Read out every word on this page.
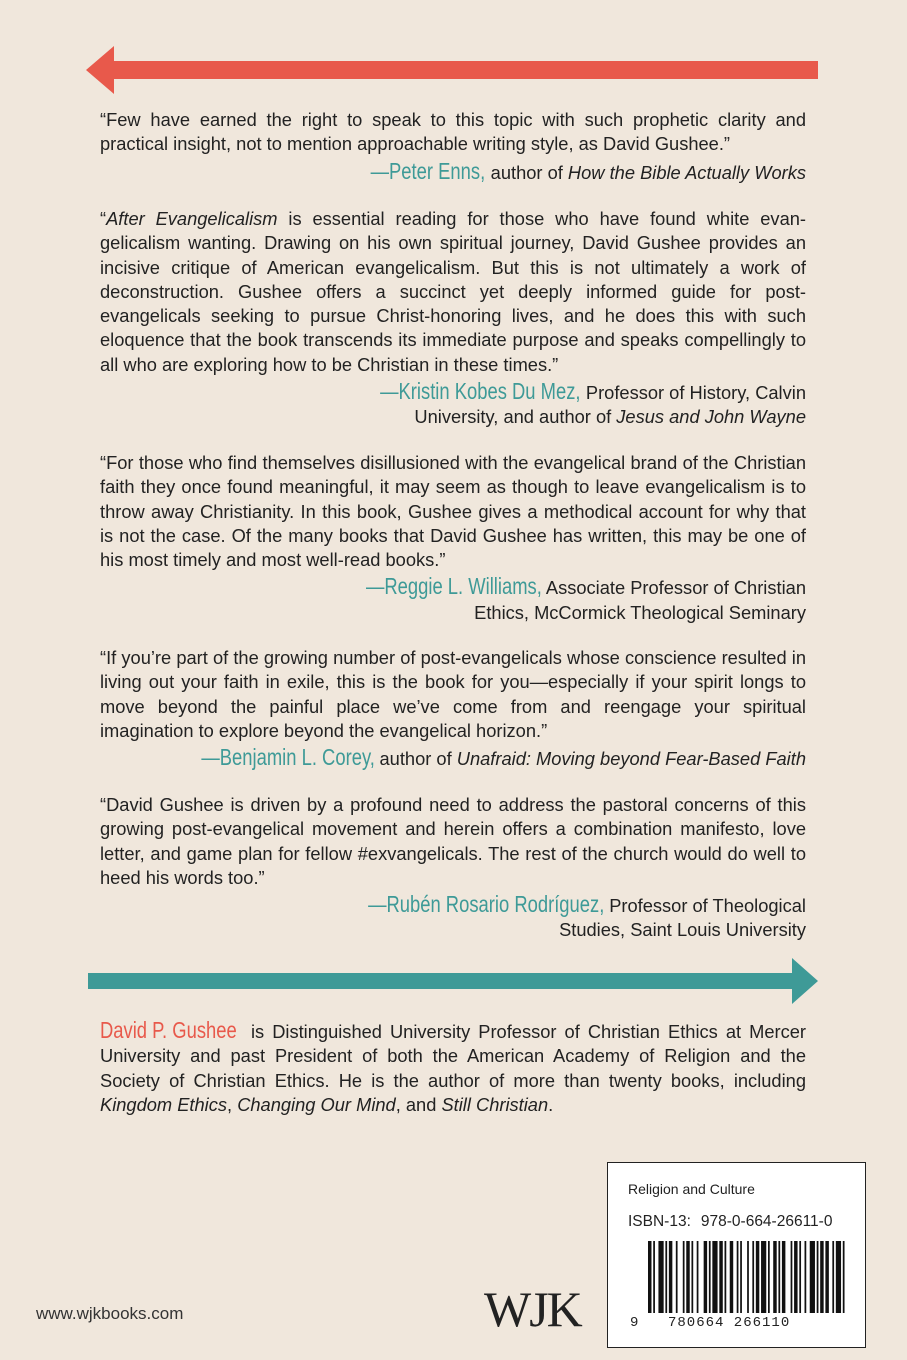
“Few have earned the right to speak to this topic with such prophetic clarity and practical insight, not to mention approachable writing style, as David Gushee.”

—Peter Enns, author of How the Bible Actually Works

“After Evangelicalism is essential reading for those who have found white evangelicalism wanting. Drawing on his own spiritual journey, David Gushee provides an incisive critique of American evangelicalism. But this is not ultimately a work of deconstruction. Gushee offers a succinct yet deeply informed guide for post-evangelicals seeking to pursue Christ-honoring lives, and he does this with such eloquence that the book transcends its immediate purpose and speaks compellingly to all who are exploring how to be Christian in these times.”

—Kristin Kobes Du Mez, Professor of History, Calvin
University, and author of Jesus and John Wayne

“For those who find themselves disillusioned with the evangelical brand of the Christian faith they once found meaningful, it may seem as though to leave evangelicalism is to throw away Christianity. In this book, Gushee gives a methodical account for why that is not the case. Of the many books that David Gushee has written, this may be one of his most timely and most well-read books.”

—Reggie L. Williams, Associate Professor of Christian
Ethics, McCormick Theological Seminary

“If you’re part of the growing number of post-evangelicals whose conscience resulted in living out your faith in exile, this is the book for you—especially if your spirit longs to move beyond the painful place we’ve come from and reengage your spiritual imagination to explore beyond the evangelical horizon.”

—Benjamin L. Corey, author of Unafraid: Moving beyond Fear-Based Faith

“David Gushee is driven by a profound need to address the pastoral concerns of this growing post-evangelical movement and herein offers a combination manifesto, love letter, and game plan for fellow #exvangelicals. The rest of the church would do well to heed his words too.”

—Rubén Rosario Rodríguez, Professor of Theological
Studies, Saint Louis University

David P. Gushee is Distinguished University Professor of Christian Ethics at Mercer University and past President of both the American Academy of Religion and the Society of Christian Ethics. He is the author of more than twenty books, including Kingdom Ethics, Changing Our Mind, and Still Christian.

Religion and Culture
ISBN-13: 978-0-664-26611-0
9 780664 266110
www.wjkbooks.com	WJK
